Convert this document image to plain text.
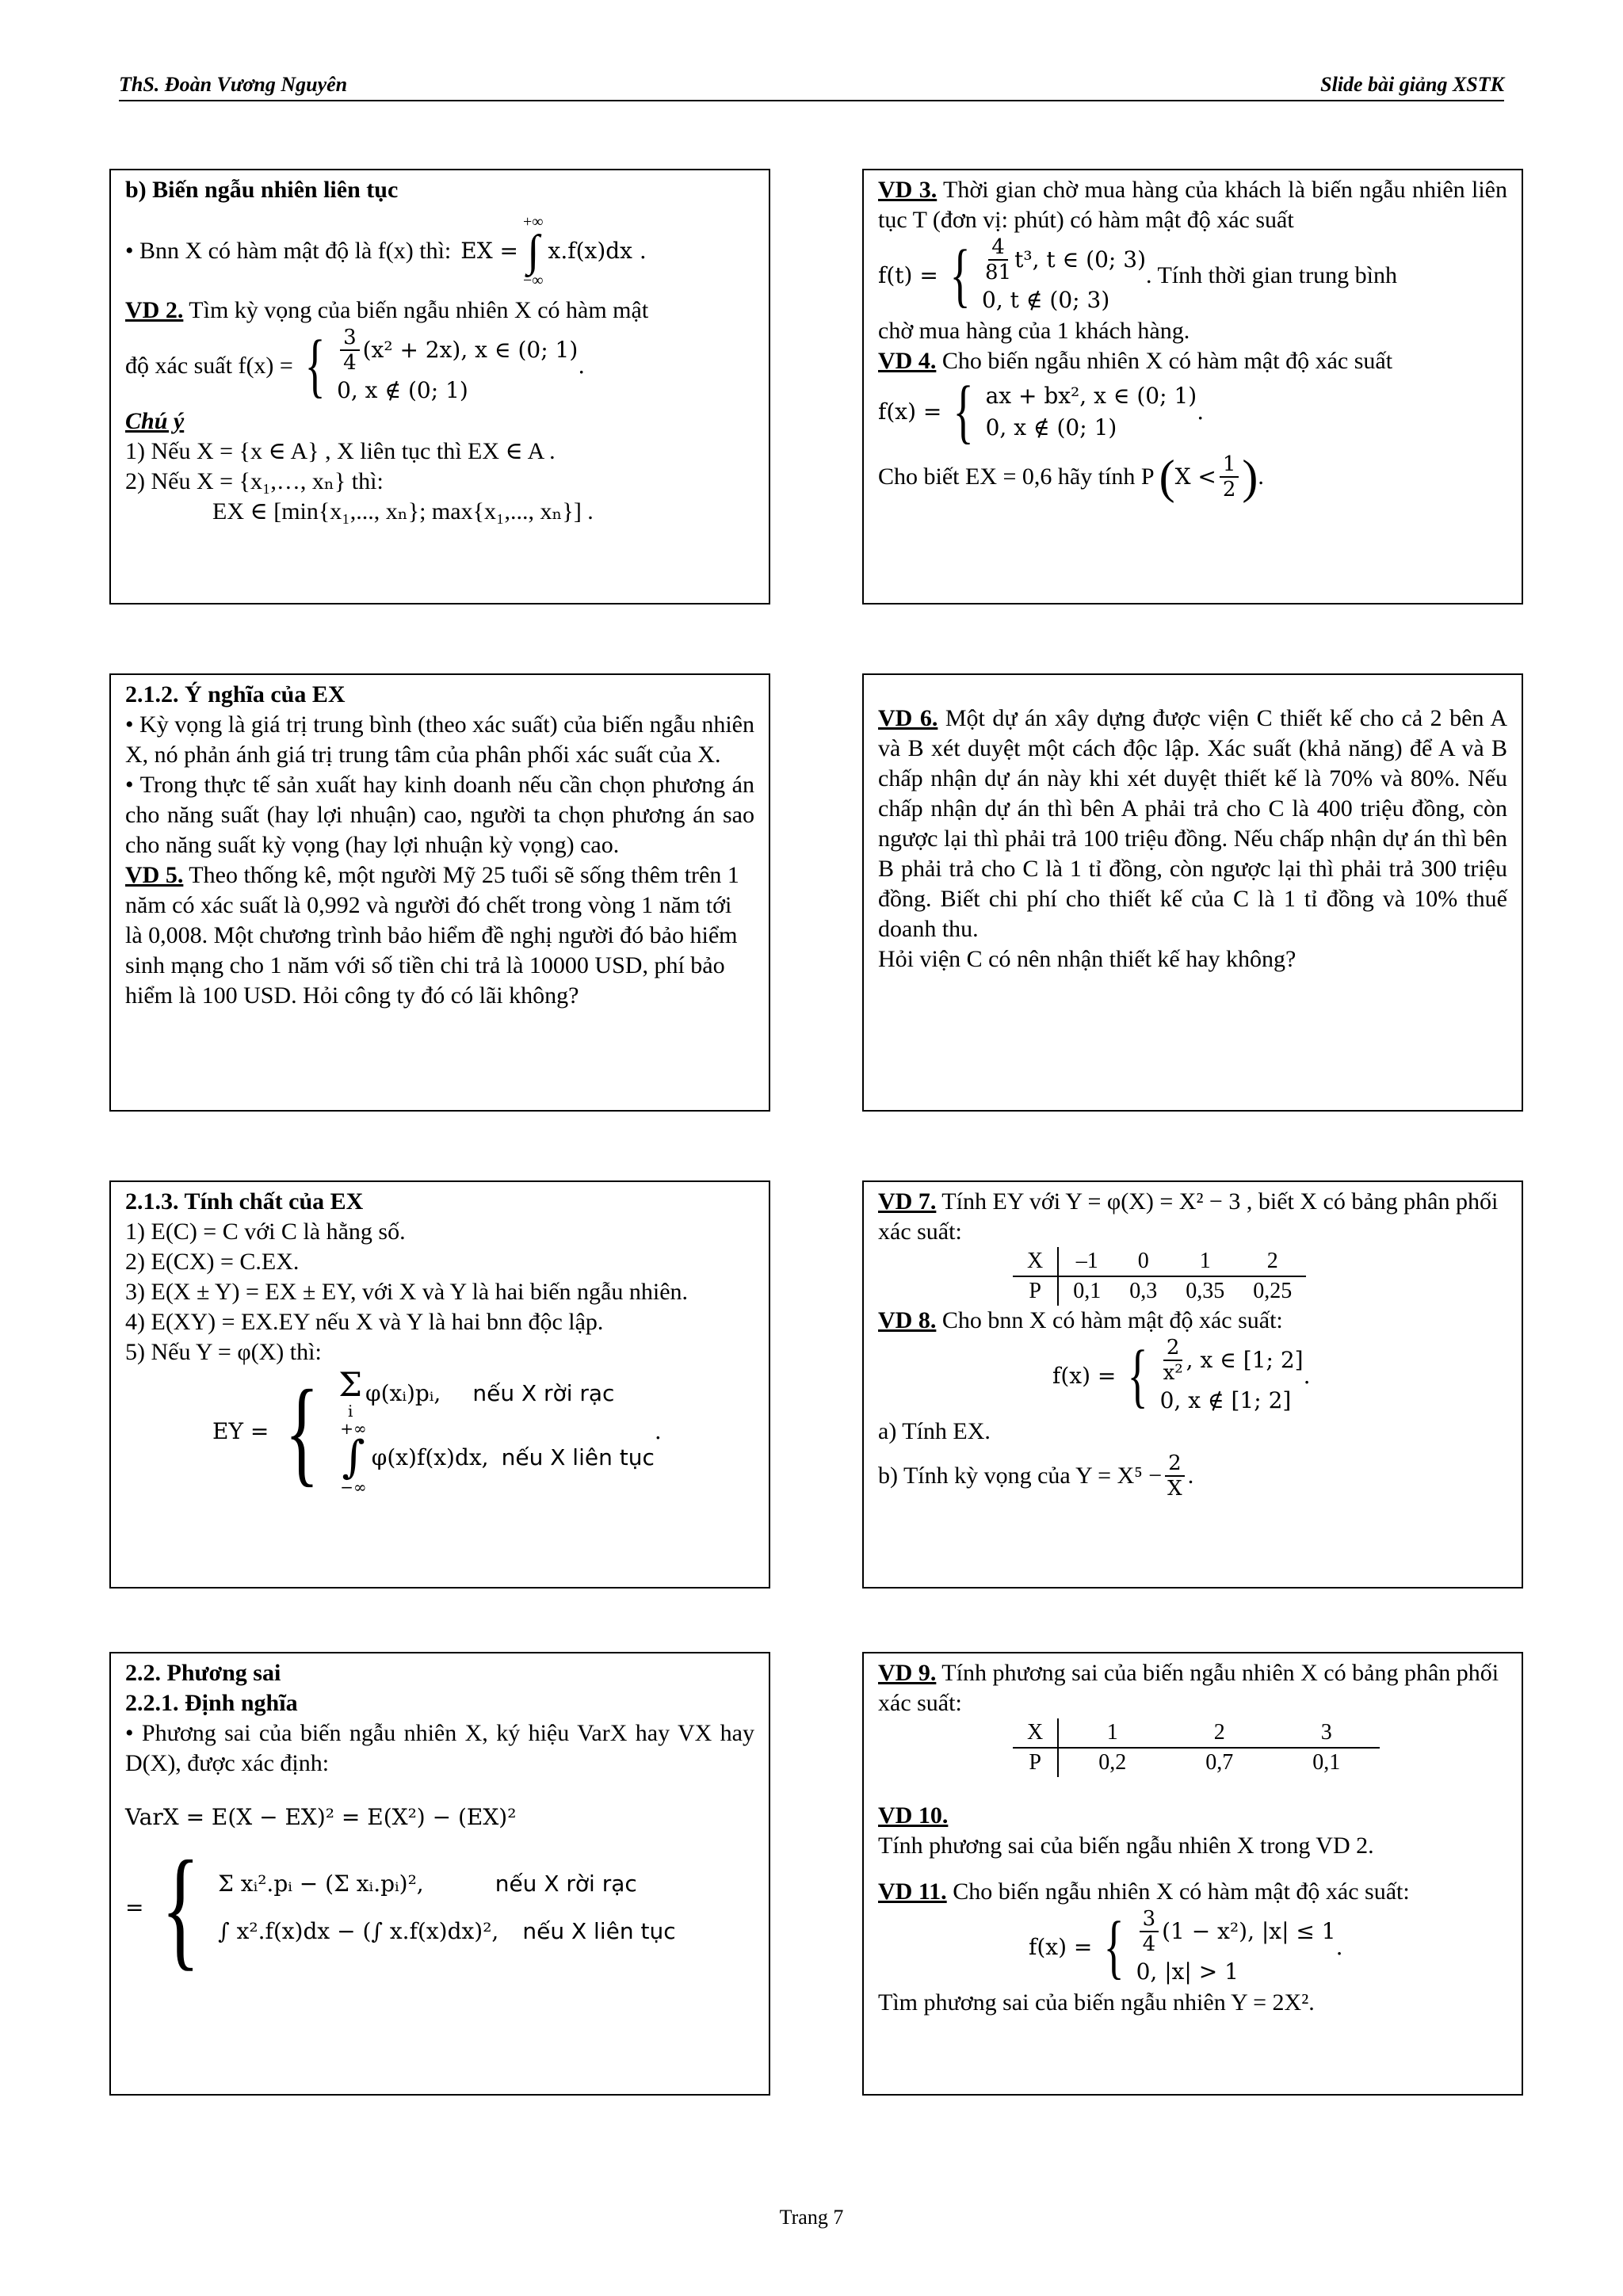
ThS. Đoàn Vương Nguyên	Slide bài giảng XSTK
b) Biến ngẫu nhiên liên tục
• Bnn X có hàm mật độ là f(x) thì: EX =
+∞
∫
−∞
x.f(x)dx .
VD 2. Tìm kỳ vọng của biến ngẫu nhiên X có hàm mật
độ xác suất f(x) = { $\frac{3}{4} (x^2 + 2x)$, x ∈ (0; 1)
0, x ∉ (0; 1)
.
Chú ý
1) Nếu X = {x ∈ A} , X liên tục thì EX ∈ A .
2) Nếu X = {x₁,…, xₙ} thì:
EX ∈ [min{x₁,..., xₙ}; max{x₁,..., xₙ}] .
VD 3. Thời gian chờ mua hàng của khách là biến ngẫu nhiên liên tục T (đơn vị: phút) có hàm mật độ xác suất
f(t) = { $\frac{4}{81} t^3$, t ∈ (0; 3)
0, t ∉ (0; 3)
. Tính thời gian trung bình
chờ mua hàng của 1 khách hàng.
VD 4. Cho biến ngẫu nhiên X có hàm mật độ xác suất
f(x) = { ax + bx², x ∈ (0; 1)
0, x ∉ (0; 1)
.
Cho biết EX = 0,6 hãy tính P ( $X < \frac{1}{2}$ ) .
2.1.2. Ý nghĩa của EX
• Kỳ vọng là giá trị trung bình (theo xác suất) của biến ngẫu nhiên X, nó phản ánh giá trị trung tâm của phân phối xác suất của X.
• Trong thực tế sản xuất hay kinh doanh nếu cần chọn phương án cho năng suất (hay lợi nhuận) cao, người ta chọn phương án sao cho năng suất kỳ vọng (hay lợi nhuận kỳ vọng) cao.
VD 5. Theo thống kê, một người Mỹ 25 tuổi sẽ sống thêm trên 1 năm có xác suất là 0,992 và người đó chết trong vòng 1 năm tới là 0,008. Một chương trình bảo hiểm đề nghị người đó bảo hiểm sinh mạng cho 1 năm với số tiền chi trả là 10000 USD, phí bảo hiểm là 100 USD. Hỏi công ty đó có lãi không?
VD 6. Một dự án xây dựng được viện C thiết kế cho cả 2 bên A và B xét duyệt một cách độc lập. Xác suất (khả năng) để A và B chấp nhận dự án này khi xét duyệt thiết kế là 70% và 80%. Nếu chấp nhận dự án thì bên A phải trả cho C là 400 triệu đồng, còn ngược lại thì phải trả 100 triệu đồng. Nếu chấp nhận dự án thì bên B phải trả cho C là 1 tỉ đồng, còn ngược lại thì phải trả 300 triệu đồng. Biết chi phí cho thiết kế của C là 1 tỉ đồng và 10% thuế doanh thu.
Hỏi viện C có nên nhận thiết kế hay không?
2.1.3. Tính chất của EX
1) E(C) = C với C là hằng số.
2) E(CX) = C.EX.
3) E(X ± Y) = EX ± EY, với X và Y là hai biến ngẫu nhiên.
4) E(XY) = EX.EY nếu X và Y là hai bnn độc lập.
5) Nếu Y = φ(X) thì:
EY = { Σ
i
φ(xᵢ)pᵢ, nếu X rời rạc
+∞
∫
−∞
φ(x)f(x)dx, nếu X liên tục
.
VD 7. Tính EY với Y = φ(X) = X² − 3 , biết X có bảng phân phối xác suất:
X	–1	0	1	2
P	0,1	0,3	0,35	0,25
VD 8. Cho bnn X có hàm mật độ xác suất:
f(x) = { $\frac{2}{\text{x²}}$ , x ∈ [1; 2]
0, x ∉ [1; 2]
.
a) Tính EX.
b) Tính kỳ vọng của $Y = X^5 - \frac{2}{X}$ .
2.2. Phương sai
2.2.1. Định nghĩa
• Phương sai của biến ngẫu nhiên X, ký hiệu VarX hay VX hay D(X), được xác định:
VarX = E(X − EX)² = E(X²) − (EX)²
= { Σ xᵢ².pᵢ − (Σ xᵢ.pᵢ)²,	nếu X rời rạc
∫ x².f(x)dx − (∫ x.f(x)dx)², nếu X liên tục
VD 9. Tính phương sai của biến ngẫu nhiên X có bảng phân phối xác suất:
X	1	2	3
P	0,2	0,7	0,1
VD 10.
Tính phương sai của biến ngẫu nhiên X trong VD 2.
VD 11. Cho biến ngẫu nhiên X có hàm mật độ xác suất:
f(x) = { $\frac{3}{4} (1 - x^2)$, |x| ≤ 1
0, |x| > 1
.
Tìm phương sai của biến ngẫu nhiên Y = 2X².
Trang 7
